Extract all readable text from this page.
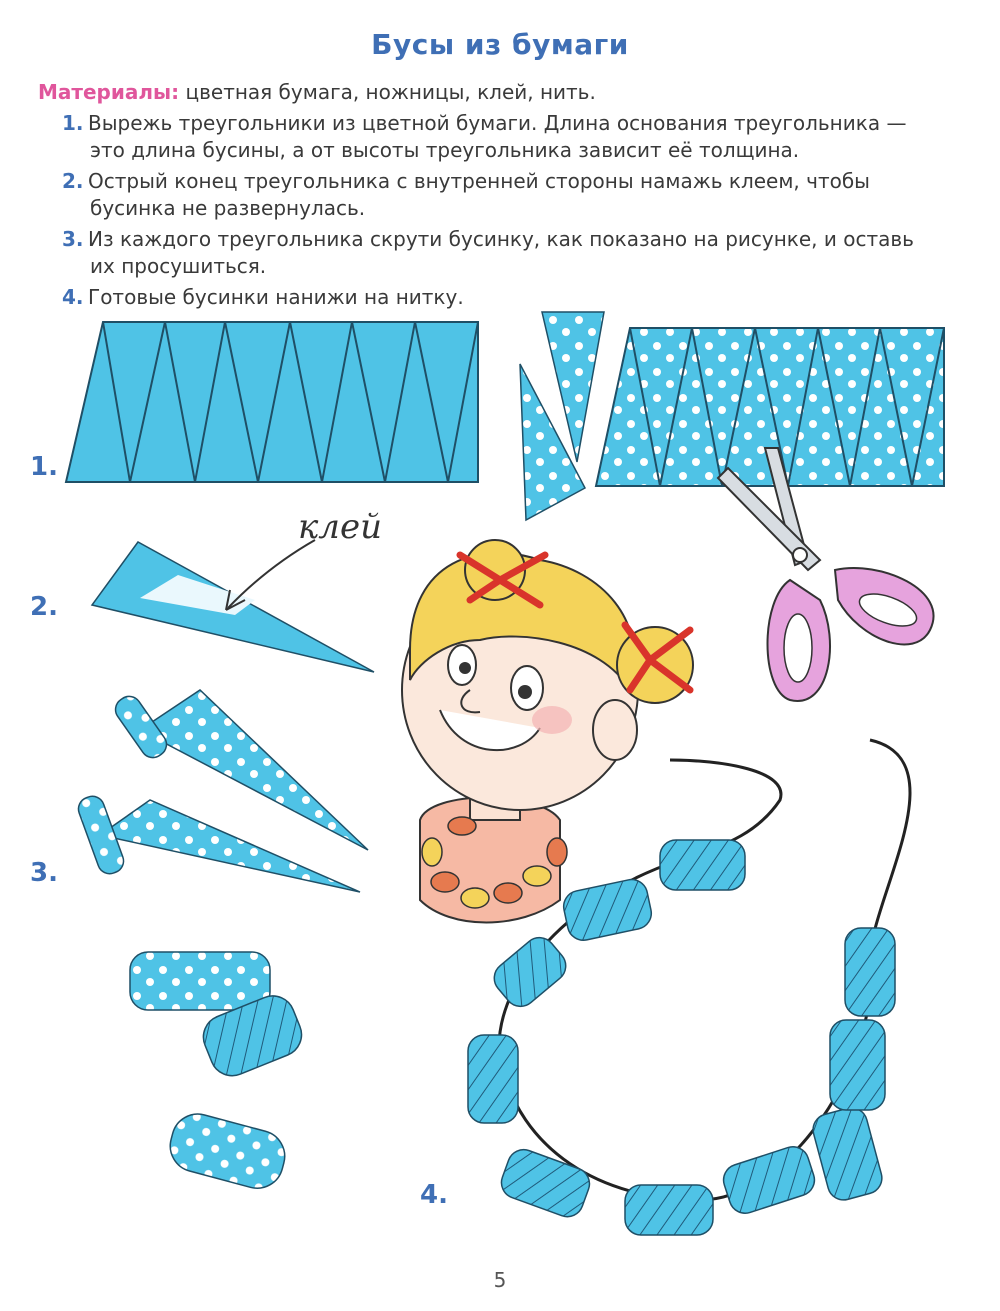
Бусы из бумаги
Материалы: цветная бумага, ножницы, клей, нить.
1. Вырежь треугольники из цветной бумаги. Длина основания треугольника —
это длина бусины, а от высоты треугольника зависит её толщина.
2. Острый конец треугольника с внутренней стороны намажь клеем, чтобы
бусинка не развернулась.
3. Из каждого треугольника скрути бусинку, как показано на рисунке, и оставь
их просушиться.
4. Готовые бусинки нанижи на нитку.
клей
1.
2.
3.
4.
5
